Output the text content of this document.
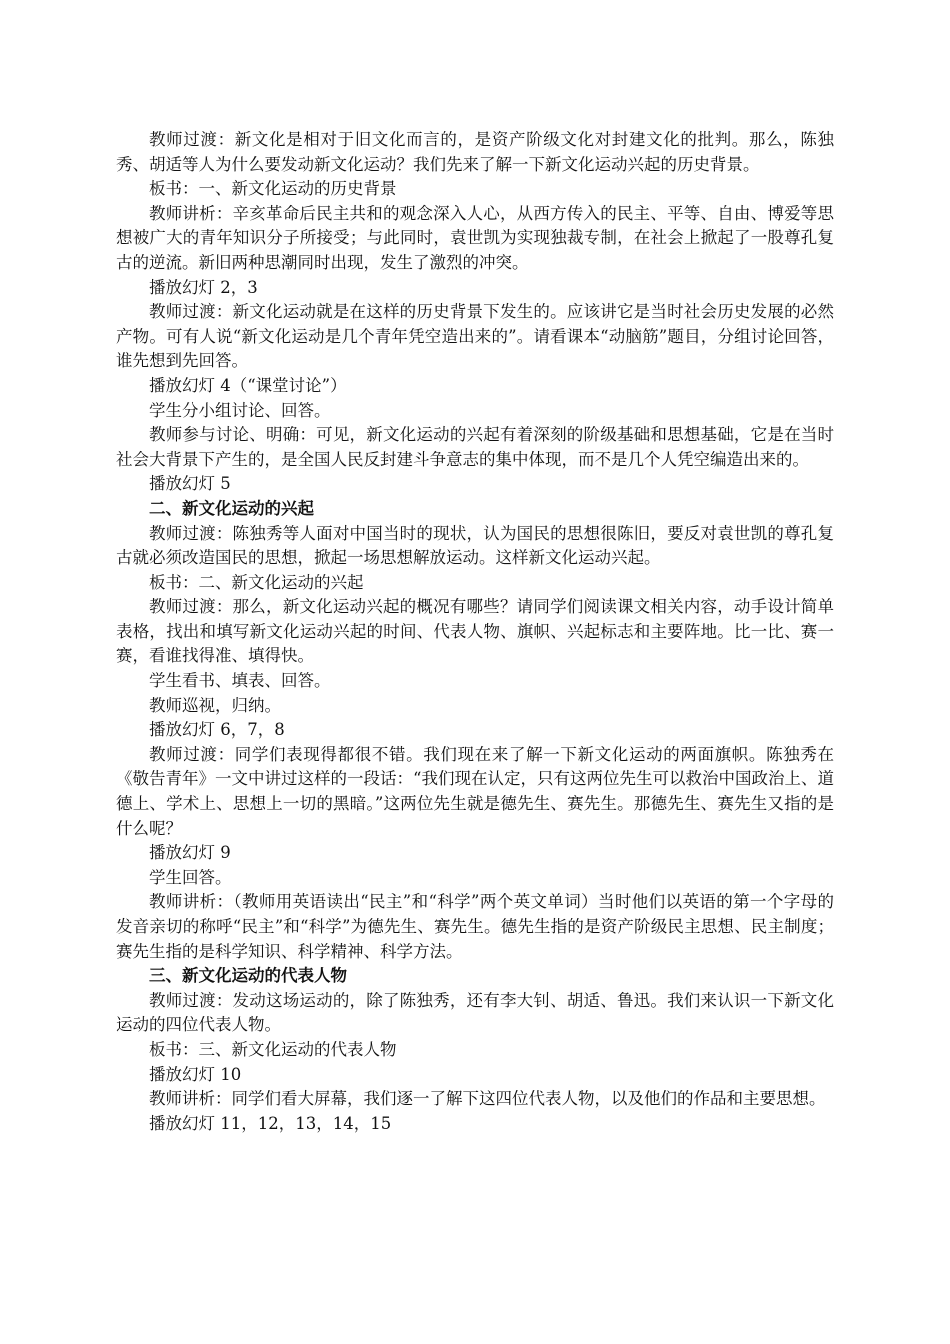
教师过渡：新文化是相对于旧文化而言的，是资产阶级文化对封建文化的批判。那么，陈独秀、胡适等人为什么要发动新文化运动？我们先来了解一下新文化运动兴起的历史背景。

板书：一、新文化运动的历史背景

教师讲析：辛亥革命后民主共和的观念深入人心，从西方传入的民主、平等、自由、博爱等思想被广大的青年知识分子所接受；与此同时，袁世凯为实现独裁专制，在社会上掀起了一股尊孔复古的逆流。新旧两种思潮同时出现，发生了激烈的冲突。

播放幻灯 2，3

教师过渡：新文化运动就是在这样的历史背景下发生的。应该讲它是当时社会历史发展的必然产物。可有人说“新文化运动是几个青年凭空造出来的”。请看课本“动脑筋”题目，分组讨论回答，谁先想到先回答。

播放幻灯 4（“课堂讨论”）

学生分小组讨论、回答。

教师参与讨论、明确：可见，新文化运动的兴起有着深刻的阶级基础和思想基础，它是在当时社会大背景下产生的，是全国人民反封建斗争意志的集中体现，而不是几个人凭空编造出来的。

播放幻灯 5

二、新文化运动的兴起

教师过渡：陈独秀等人面对中国当时的现状，认为国民的思想很陈旧，要反对袁世凯的尊孔复古就必须改造国民的思想，掀起一场思想解放运动。这样新文化运动兴起。

板书：二、新文化运动的兴起

教师过渡：那么，新文化运动兴起的概况有哪些？请同学们阅读课文相关内容，动手设计简单表格，找出和填写新文化运动兴起的时间、代表人物、旗帜、兴起标志和主要阵地。比一比、赛一赛，看谁找得准、填得快。

学生看书、填表、回答。

教师巡视，归纳。

播放幻灯 6，7，8

教师过渡：同学们表现得都很不错。我们现在来了解一下新文化运动的两面旗帜。陈独秀在《敬告青年》一文中讲过这样的一段话：“我们现在认定，只有这两位先生可以救治中国政治上、道德上、学术上、思想上一切的黑暗。”这两位先生就是德先生、赛先生。那德先生、赛先生又指的是什么呢？

播放幻灯 9

学生回答。

教师讲析：（教师用英语读出“民主”和“科学”两个英文单词）当时他们以英语的第一个字母的发音亲切的称呼“民主”和“科学”为德先生、赛先生。德先生指的是资产阶级民主思想、民主制度；赛先生指的是科学知识、科学精神、科学方法。

三、新文化运动的代表人物

教师过渡：发动这场运动的，除了陈独秀，还有李大钊、胡适、鲁迅。我们来认识一下新文化运动的四位代表人物。

板书：三、新文化运动的代表人物

播放幻灯 10

教师讲析：同学们看大屏幕，我们逐一了解下这四位代表人物，以及他们的作品和主要思想。

播放幻灯 11，12，13，14，15
